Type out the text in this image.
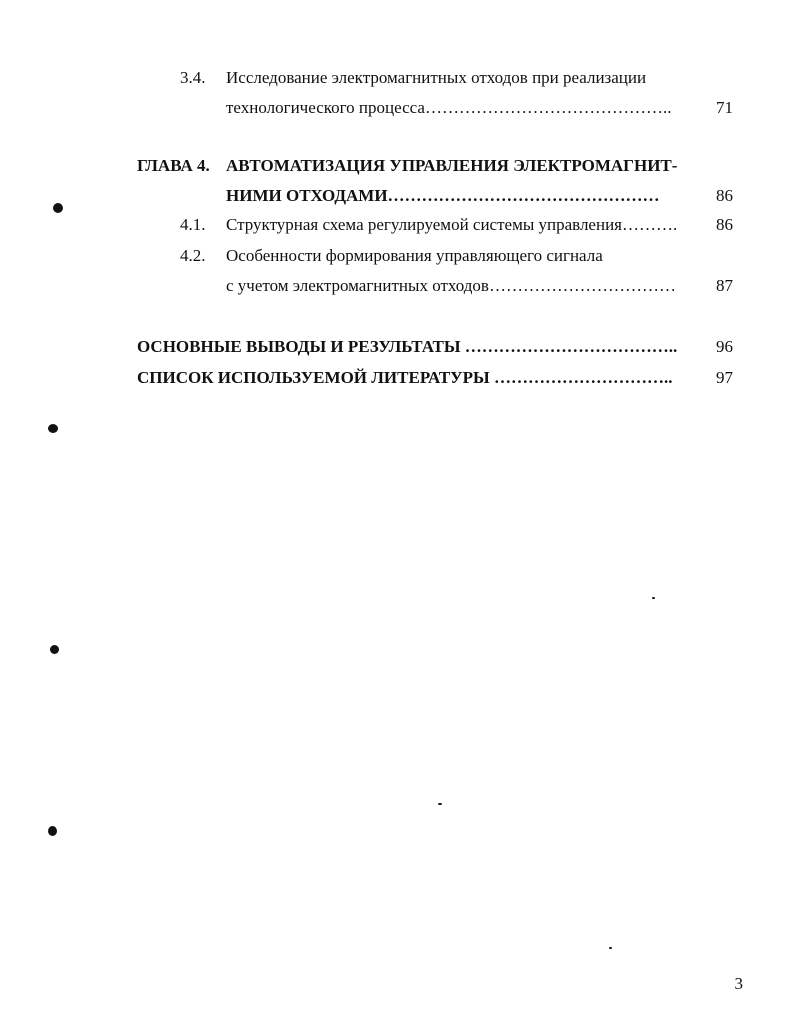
3.4. Исследование электромагнитных отходов при реализации
технологического процесса……………………………………..	71
ГЛАВА 4. АВТОМАТИЗАЦИЯ УПРАВЛЕНИЯ ЭЛЕКТРОМАГНИТ-
НИМИ ОТХОДАМИ…………………………………………	86
4.1. Структурная схема регулируемой системы управления……….	86
4.2. Особенности формирования управляющего сигнала
с учетом электромагнитных отходов……………………………	87
ОСНОВНЫЕ ВЫВОДЫ И РЕЗУЛЬТАТЫ ………………………………..	96
СПИСОК ИСПОЛЬЗУЕМОЙ ЛИТЕРАТУРЫ …………………………..	97
3
